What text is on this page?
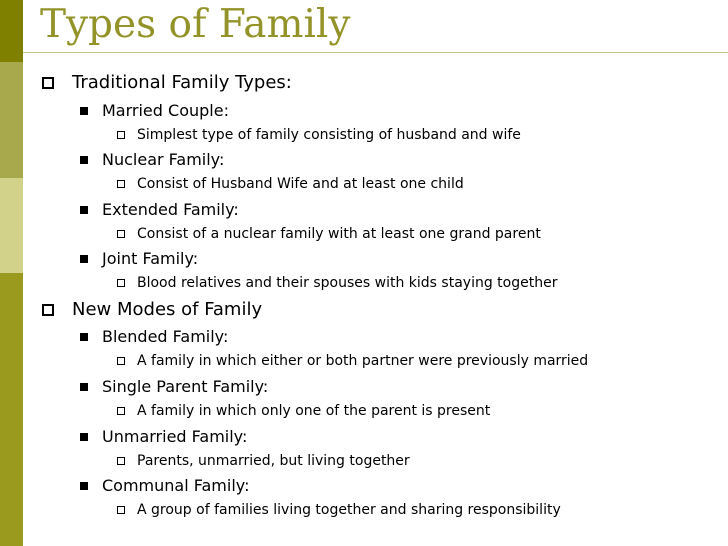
Types of Family
Traditional Family Types:
Married Couple:
Simplest type of family consisting of husband and wife
Nuclear Family:
Consist of Husband Wife and at least one child
Extended Family:
Consist of a nuclear family with at least one grand parent
Joint Family:
Blood relatives and their spouses with kids staying together
New Modes of Family
Blended Family:
A family in which either or both partner were previously married
Single Parent Family:
A family in which only one of the parent is present
Unmarried Family:
Parents, unmarried, but living together
Communal Family:
A group of families living together and sharing responsibility
